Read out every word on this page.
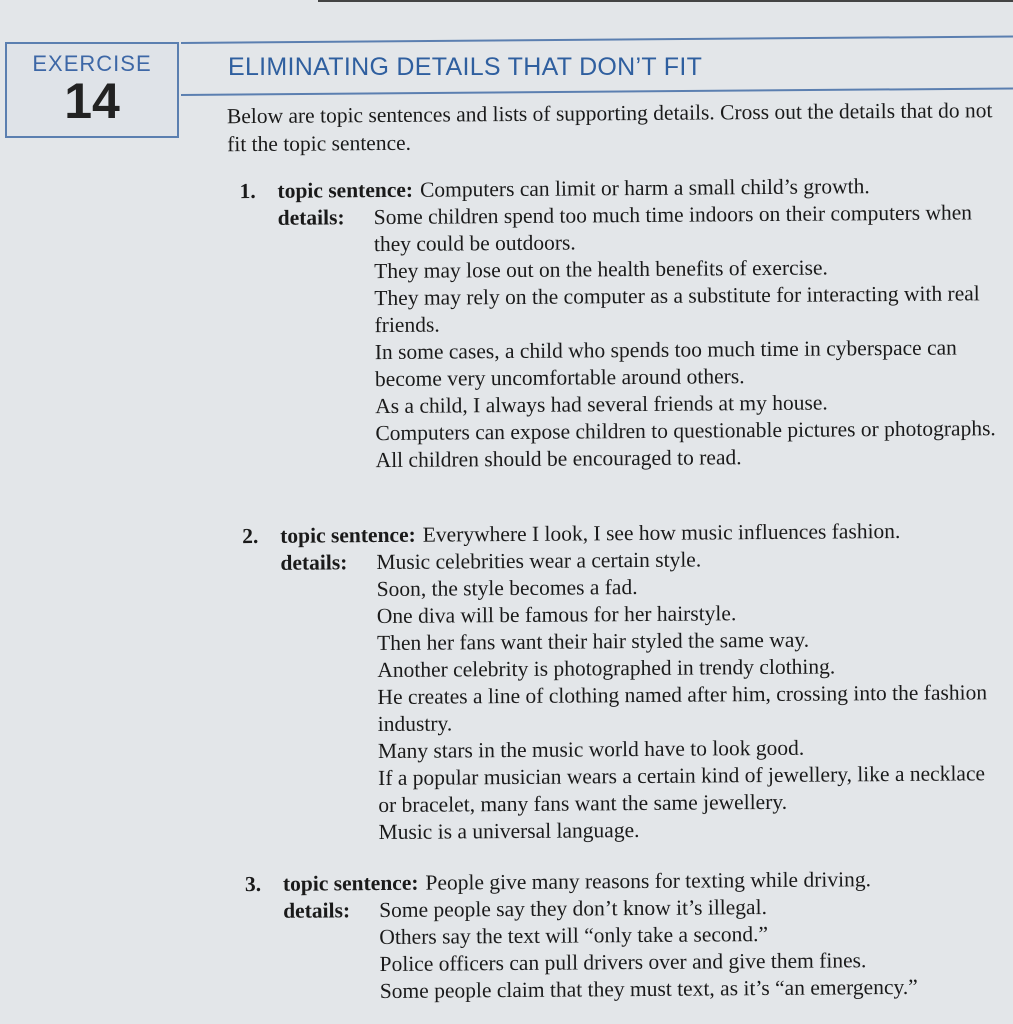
EXERCISE
14
ELIMINATING DETAILS THAT DON’T FIT

Below are topic sentences and lists of supporting details. Cross out the details that do not fit the topic sentence.

1.	topic sentence: Computers can limit or harm a small child’s growth.
details:	Some children spend too much time indoors on their computers when they could be outdoors.
They may lose out on the health benefits of exercise.
They may rely on the computer as a substitute for interacting with real friends.
In some cases, a child who spends too much time in cyberspace can become very uncomfortable around others.
As a child, I always had several friends at my house.
Computers can expose children to questionable pictures or photographs.
All children should be encouraged to read.
2.	topic sentence: Everywhere I look, I see how music influences fashion.
details:	Music celebrities wear a certain style.
Soon, the style becomes a fad.
One diva will be famous for her hairstyle.
Then her fans want their hair styled the same way.
Another celebrity is photographed in trendy clothing.
He creates a line of clothing named after him, crossing into the fashion industry.
Many stars in the music world have to look good.
If a popular musician wears a certain kind of jewellery, like a necklace or bracelet, many fans want the same jewellery.
Music is a universal language.
3.	topic sentence: People give many reasons for texting while driving.
details:	Some people say they don’t know it’s illegal.
Others say the text will “only take a second.”
Police officers can pull drivers over and give them fines.
Some people claim that they must text, as it’s “an emergency.”
